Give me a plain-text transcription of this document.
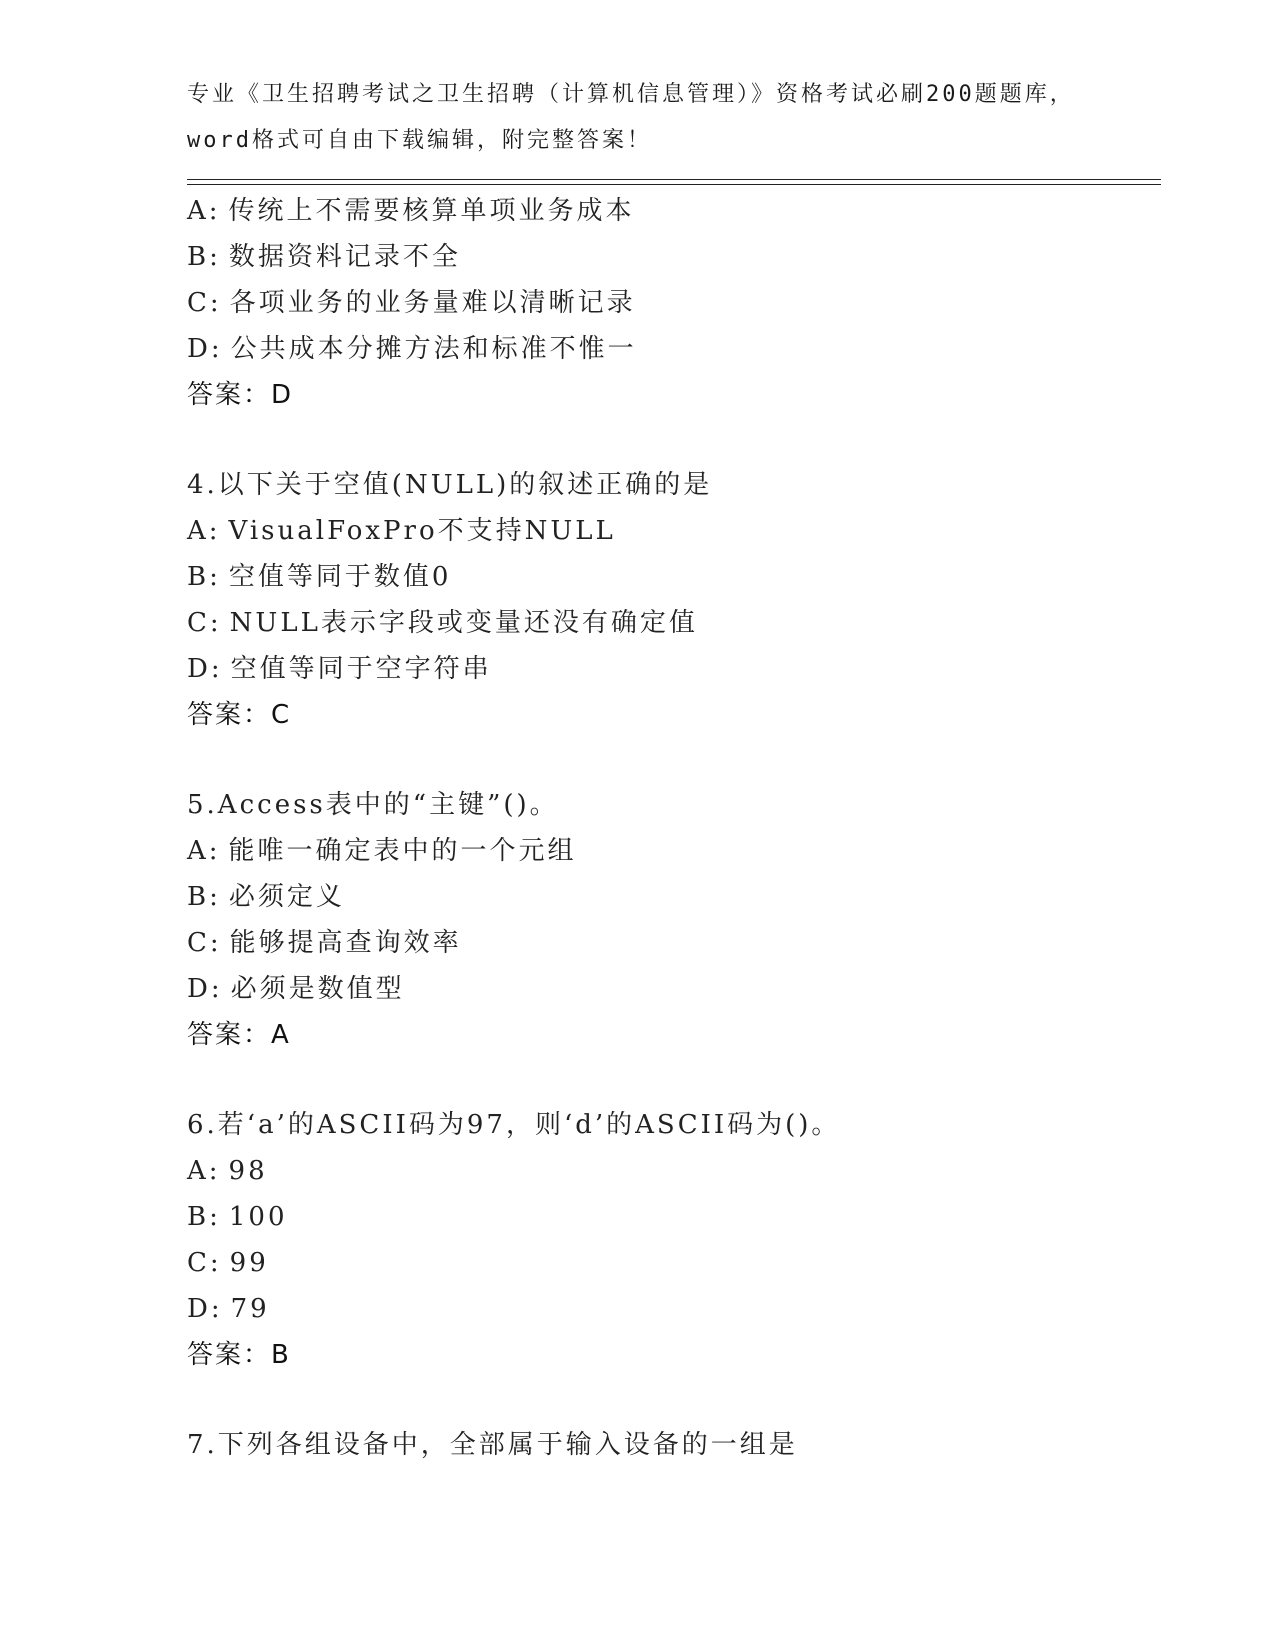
专业《卫生招聘考试之卫生招聘（计算机信息管理）》资格考试必刷200题题库，
word格式可自由下载编辑，附完整答案！
A: 传统上不需要核算单项业务成本
B: 数据资料记录不全
C: 各项业务的业务量难以清晰记录
D: 公共成本分摊方法和标准不惟一
答案：D
4.以下关于空值(NULL)的叙述正确的是
A: VisualFoxPro不支持NULL
B: 空值等同于数值0
C: NULL表示字段或变量还没有确定值
D: 空值等同于空字符串
答案：C
5.Access表中的“主键”()。
A: 能唯一确定表中的一个元组
B: 必须定义
C: 能够提高查询效率
D: 必须是数值型
答案：A
6.若‘a’的ASCII码为97，则‘d’的ASCII码为()。
A: 98
B: 100
C: 99
D: 79
答案：B
7.下列各组设备中，全部属于输入设备的一组是
